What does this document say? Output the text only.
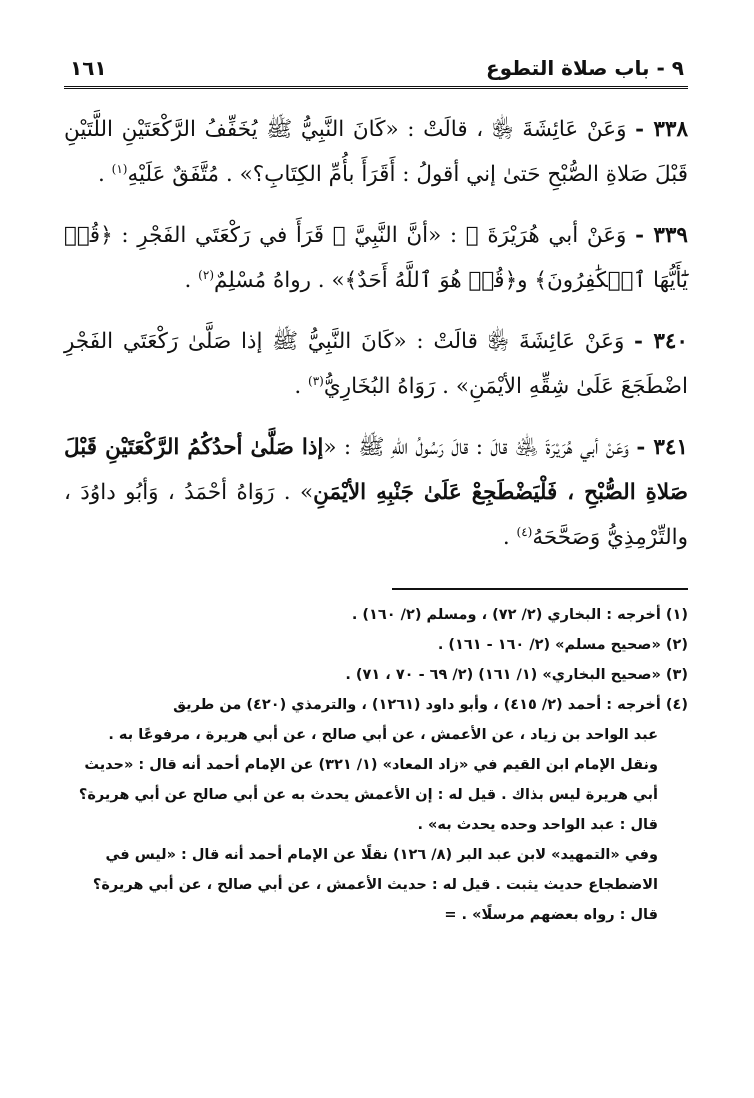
٩ - باب صلاة التطوع
١٦١

٣٣٨ - وَعَنْ عَائِشَةَ ﵂ ، قالَتْ : «كَانَ النَّبِيُّ ﷺ يُخَفِّفُ الرَّكْعَتَيْنِ اللَّتَيْنِ قَبْلَ صَلاةِ الصُّبْحِ حَتىٰ إني أقولُ : أَقَرَأَ بأُمِّ الكِتَابِ؟» . مُتَّفَقٌ عَلَيْهِ$^{(١)}$ .

٣٣٩ - وَعَنْ أبي هُرَيْرَةَ ﵁ : «أنَّ النَّبِيَّ ﷺ قَرَأَ في رَكْعَتَي الفَجْرِ : ﴿قُلۡ يَٰٓأَيُّهَا ٱلۡكَٰفِرُونَ﴾ و﴿قُلۡ هُوَ ٱللَّهُ أَحَدٌ﴾» . رواهُ مُسْلِمٌ$^{(٢)}$ .

٣٤٠ - وَعَنْ عَائِشَةَ ﵂ قالَتْ : «كَانَ النَّبِيُّ ﷺ إذا صَلَّىٰ رَكْعَتَي الفَجْرِ اضْطَجَعَ عَلَىٰ شِقِّهِ الأيْمَنِ» . رَوَاهُ البُخَارِيُّ$^{(٣)}$ .

٣٤١ - وَعَنْ أبي هُرَيْرَةَ ﵁ قالَ : قالَ رَسُولُ اللهِ ﷺ : «إذا صَلَّىٰ أحدُكُمُ الرَّكْعَتَيْنِ قَبْلَ صَلاةِ الصُّبْحِ ، فَلْيَضْطَجِعْ عَلَىٰ جَنْبِهِ الأيْمَنِ» . رَوَاهُ أحْمَدُ ، وَأبُو داوُدَ ، والتِّرْمِذِيُّ وَصَحَّحَهُ$^{(٤)}$ .

(١) أخرجه : البخاري (٢/ ٧٢) ، ومسلم (٢/ ١٦٠) .
(٢) «صحيح مسلم» (٢/ ١٦٠ - ١٦١) .
(٣) «صحيح البخاري» (١/ ١٦١) (٢/ ٦٩ - ٧٠ ، ٧١) .
(٤) أخرجه : أحمد (٢/ ٤١٥) ، وأبو داود (١٢٦١) ، والترمذي (٤٢٠) من طريق
عبد الواحد بن زياد ، عن الأعمش ، عن أبي صالح ، عن أبي هريرة ، مرفوعًا به .
ونقل الإمام ابن القيم في «زاد المعاد» (١/ ٣٢١) عن الإمام أحمد أنه قال : «حديث
أبي هريرة ليس بذاك . قيل له : إن الأعمش يحدث به عن أبي صالح عن أبي هريرة؟
قال : عبد الواحد وحده يحدث به» .
وفي «التمهيد» لابن عبد البر (٨/ ١٢٦) نقلًا عن الإمام أحمد أنه قال : «ليس في
الاضطجاع حديث يثبت . قيل له : حديث الأعمش ، عن أبي صالح ، عن أبي هريرة؟
قال : رواه بعضهم مرسلًا» . =
